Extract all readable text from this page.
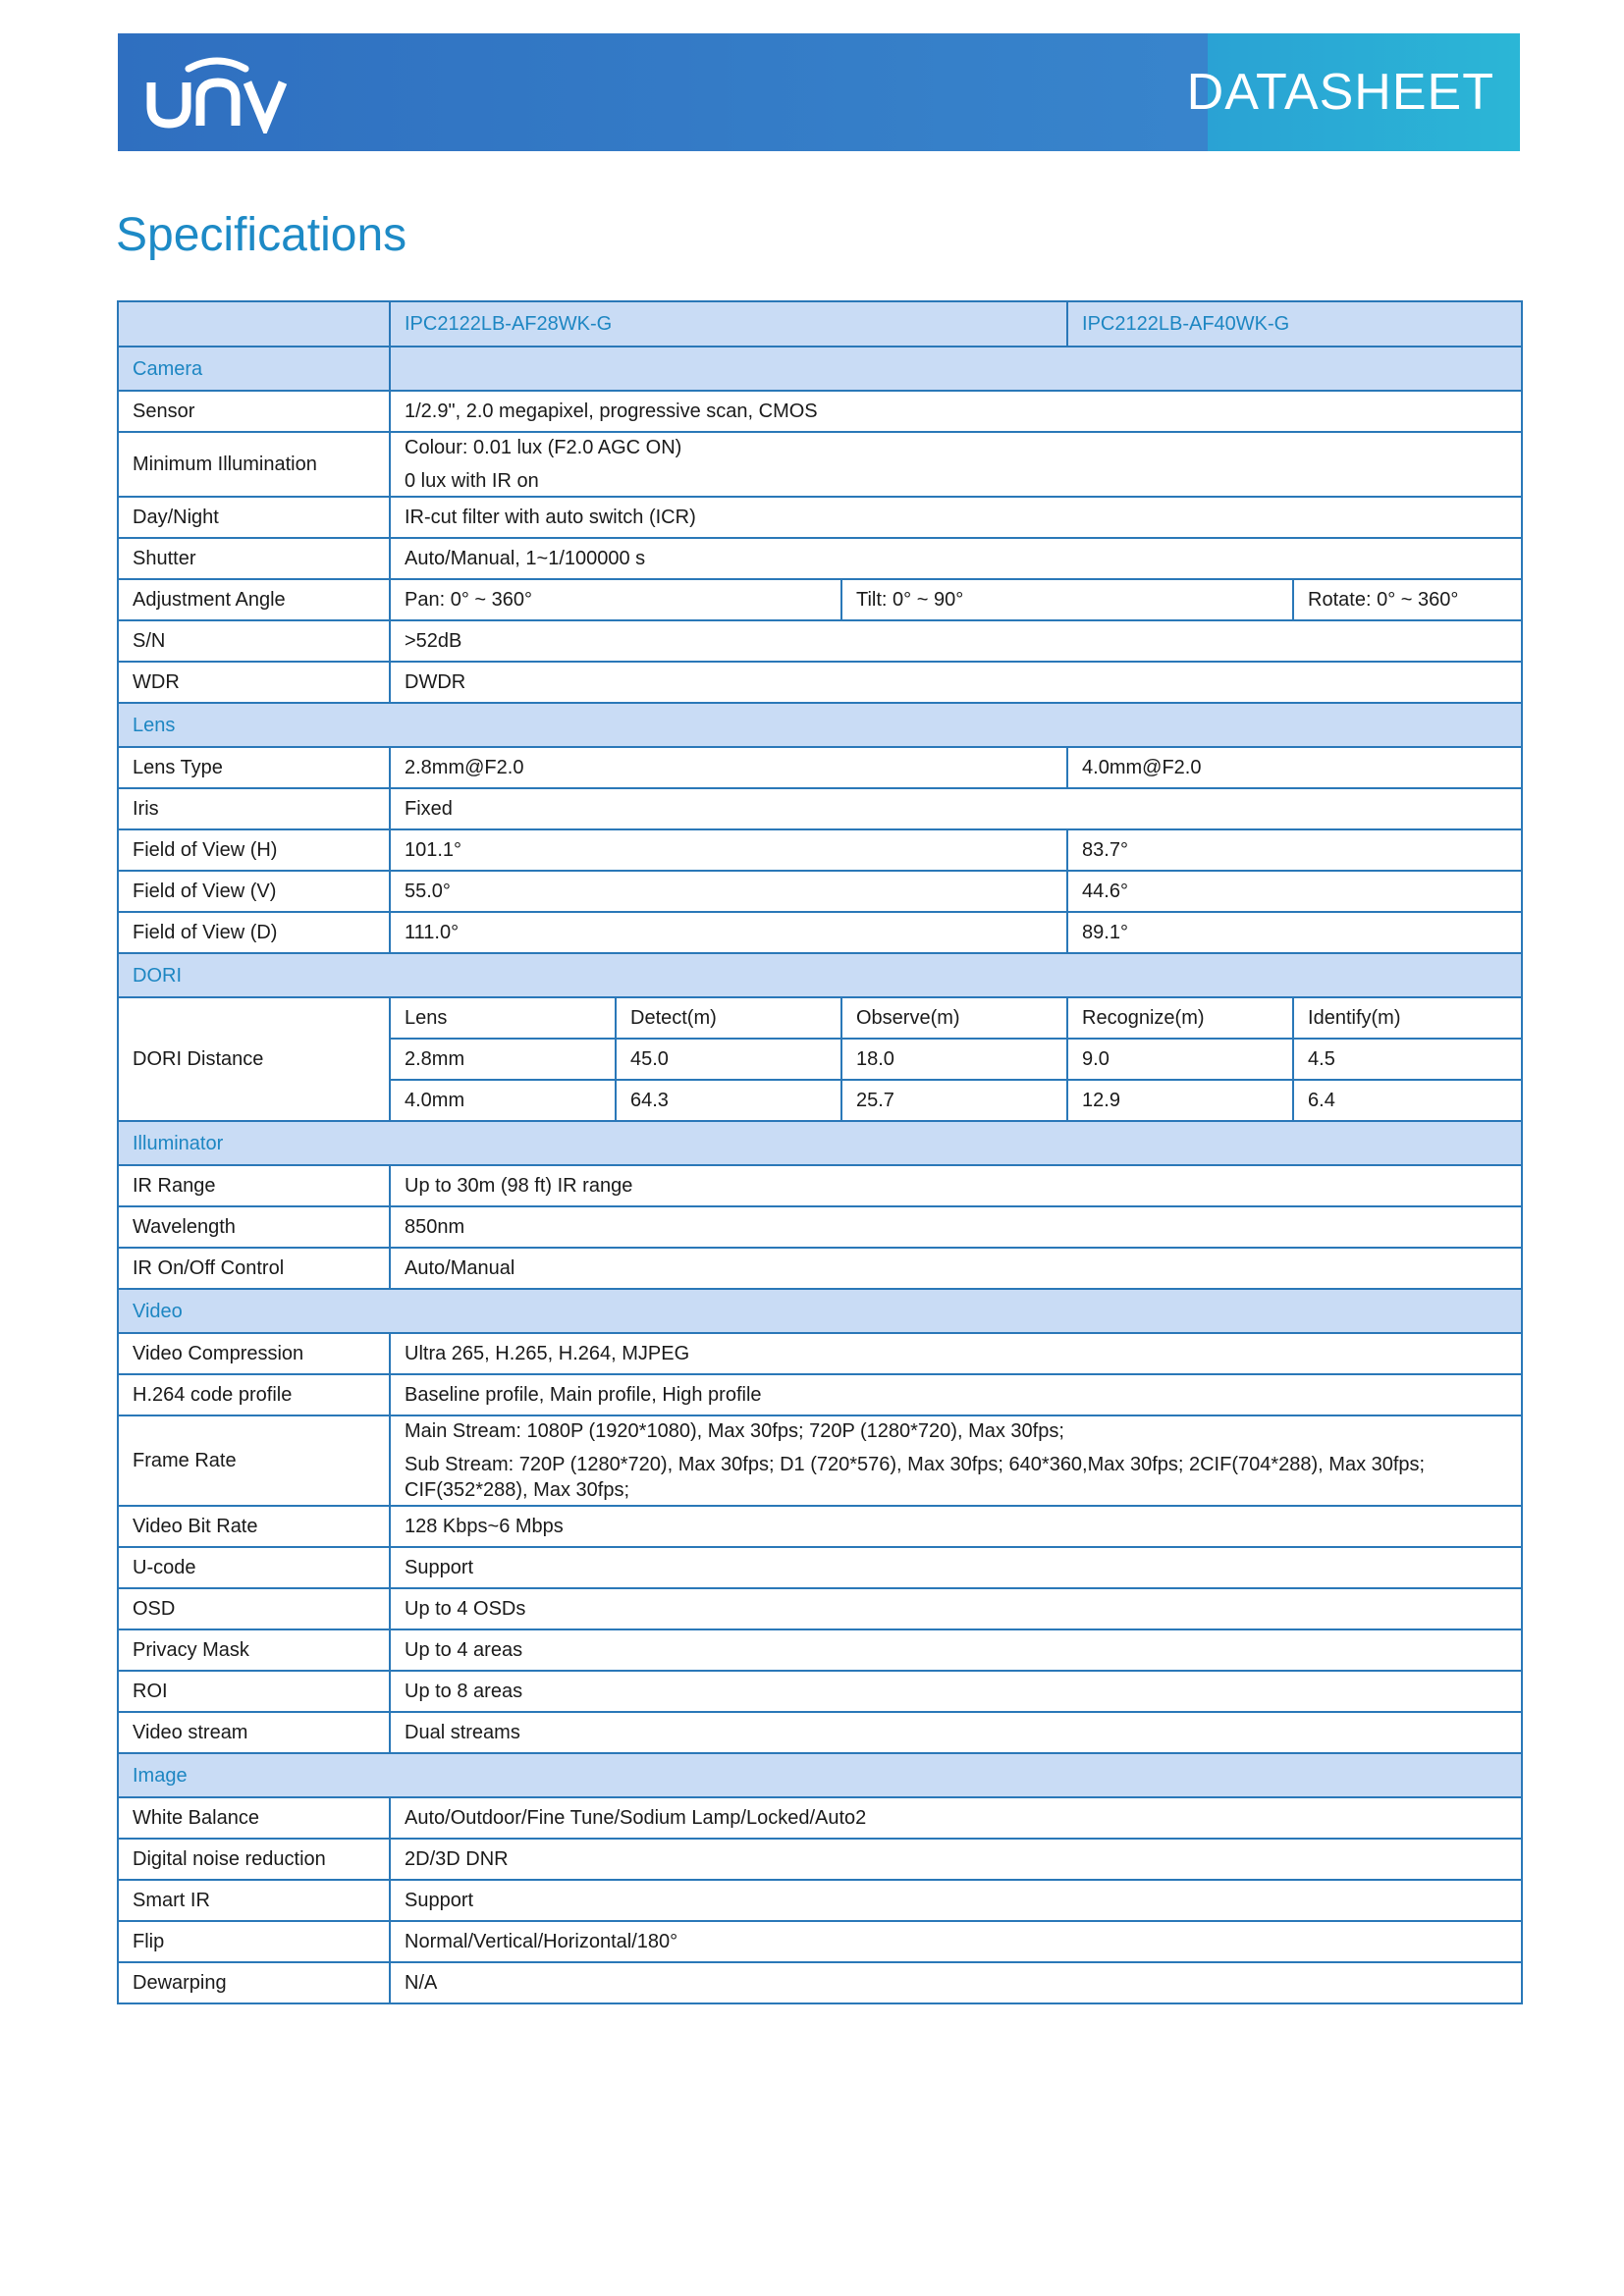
DATASHEET
Specifications
	IPC2122LB-AF28WK-G			IPC2122LB-AF40WK-G	
Camera					
Sensor	1/2.9", 2.0 megapixel, progressive scan, CMOS				
Minimum Illumination	Colour: 0.01 lux (F2.0 AGC ON)
0 lux with IR on				

Day/Night	IR-cut filter with auto switch (ICR)				
Shutter	Auto/Manual, 1~1/100000 s				
Adjustment Angle	Pan: 0° ~ 360°		Tilt: 0° ~ 90°		Rotate: 0° ~ 360°
S/N	>52dB				
WDR	DWDR				
Lens					
Lens Type	2.8mm@F2.0			4.0mm@F2.0	
Iris	Fixed				
Field of View (H)	101.1°			83.7°	
Field of View (V)	55.0°			44.6°	
Field of View (D)	111.0°			89.1°	
DORI					
DORI Distance	Lens	Detect(m)	Observe(m)	Recognize(m)	Identify(m)
	2.8mm	45.0	18.0	9.0	4.5
	4.0mm	64.3	25.7	12.9	6.4
Illuminator					
IR Range	Up to 30m (98 ft) IR range				
Wavelength	850nm				
IR On/Off Control	Auto/Manual				
Video					
Video Compression	Ultra 265, H.265, H.264, MJPEG				
H.264 code profile	Baseline profile, Main profile, High profile				
Frame Rate	Main Stream: 1080P (1920*1080), Max 30fps; 720P (1280*720), Max 30fps;
Sub Stream: 720P (1280*720), Max 30fps; D1 (720*576), Max 30fps; 640*360,Max 30fps; 2CIF(704*288), Max 30fps; CIF(352*288), Max 30fps;				

Video Bit Rate	128 Kbps~6 Mbps				
U-code	Support				
OSD	Up to 4 OSDs				
Privacy Mask	Up to 4 areas				
ROI	Up to 8 areas				
Video stream	Dual streams				
Image					
White Balance	Auto/Outdoor/Fine Tune/Sodium Lamp/Locked/Auto2				
Digital noise reduction	2D/3D DNR				
Smart IR	Support				
Flip	Normal/Vertical/Horizontal/180°				
Dewarping	N/A				
